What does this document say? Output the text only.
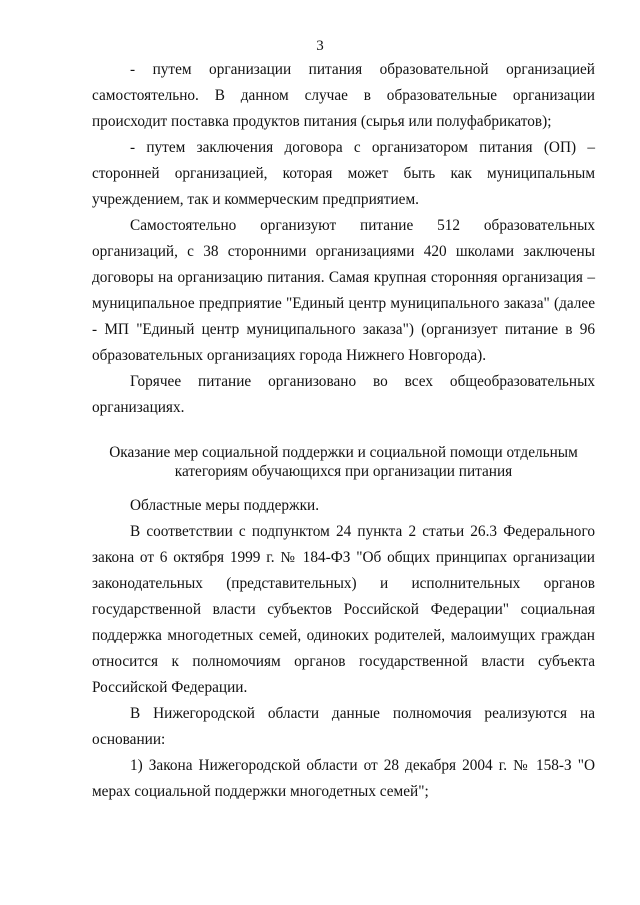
3

- путем организации питания образовательной организацией самостоятельно. В данном случае в образовательные организации происходит поставка продуктов питания (сырья или полуфабрикатов);

- путем заключения договора с организатором питания (ОП) – сторонней организацией, которая может быть как муниципальным учреждением, так и коммерческим предприятием.

Самостоятельно организуют питание 512 образовательных организаций, с 38 сторонними организациями 420 школами заключены договоры на организацию питания. Самая крупная сторонняя организация – муниципальное предприятие "Единый центр муниципального заказа" (далее - МП "Единый центр муниципального заказа") (организует питание в 96 образовательных организациях города Нижнего Новгорода).

Горячее питание организовано во всех общеобразовательных организациях.

Оказание мер социальной поддержки и социальной помощи отдельным категориям обучающихся при организации питания

Областные меры поддержки.

В соответствии с подпунктом 24 пункта 2 статьи 26.3 Федерального закона от 6 октября 1999 г. № 184-ФЗ "Об общих принципах организации законодательных (представительных) и исполнительных органов государственной власти субъектов Российской Федерации" социальная поддержка многодетных семей, одиноких родителей, малоимущих граждан относится к полномочиям органов государственной власти субъекта Российской Федерации.

В Нижегородской области данные полномочия реализуются на основании:

1) Закона Нижегородской области от 28 декабря 2004 г. № 158-З "О мерах социальной поддержки многодетных семей";
